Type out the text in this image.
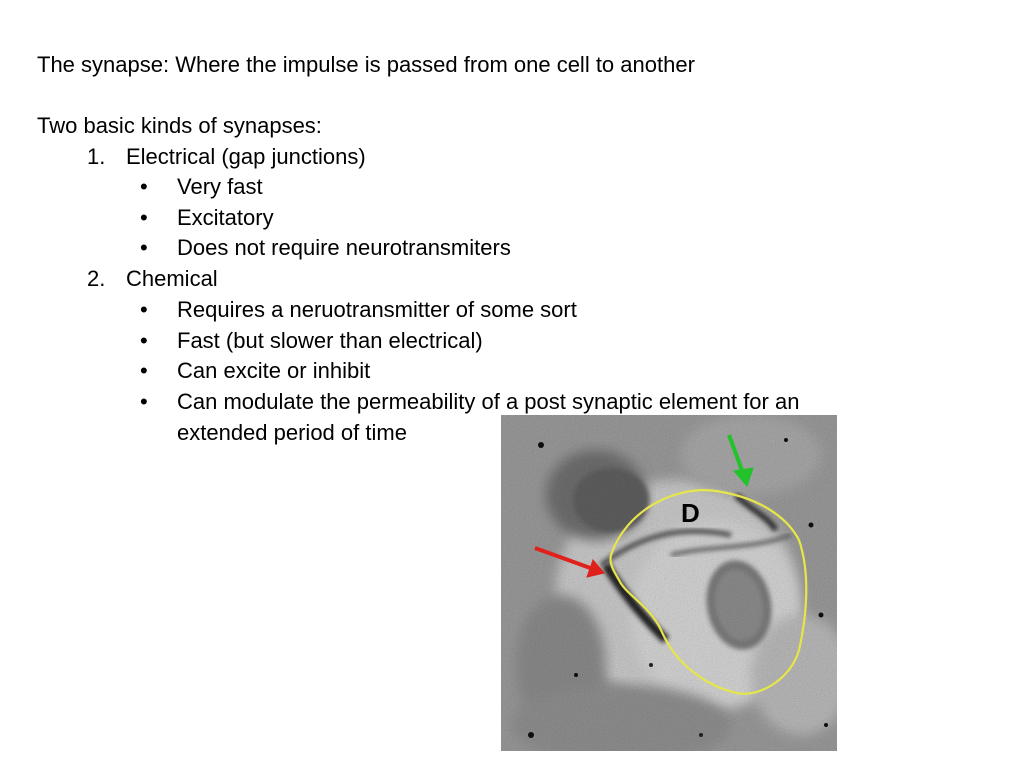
The synapse: Where the impulse is passed from one cell to another
Two basic kinds of synapses:
1. Electrical (gap junctions)
• Very fast
• Excitatory
• Does not require neurotransmiters
2. Chemical
• Requires a neruotransmitter of some sort
• Fast (but slower than electrical)
• Can excite or inhibit
• Can modulate the permeability of a post synaptic element for an
extended period of time
D
